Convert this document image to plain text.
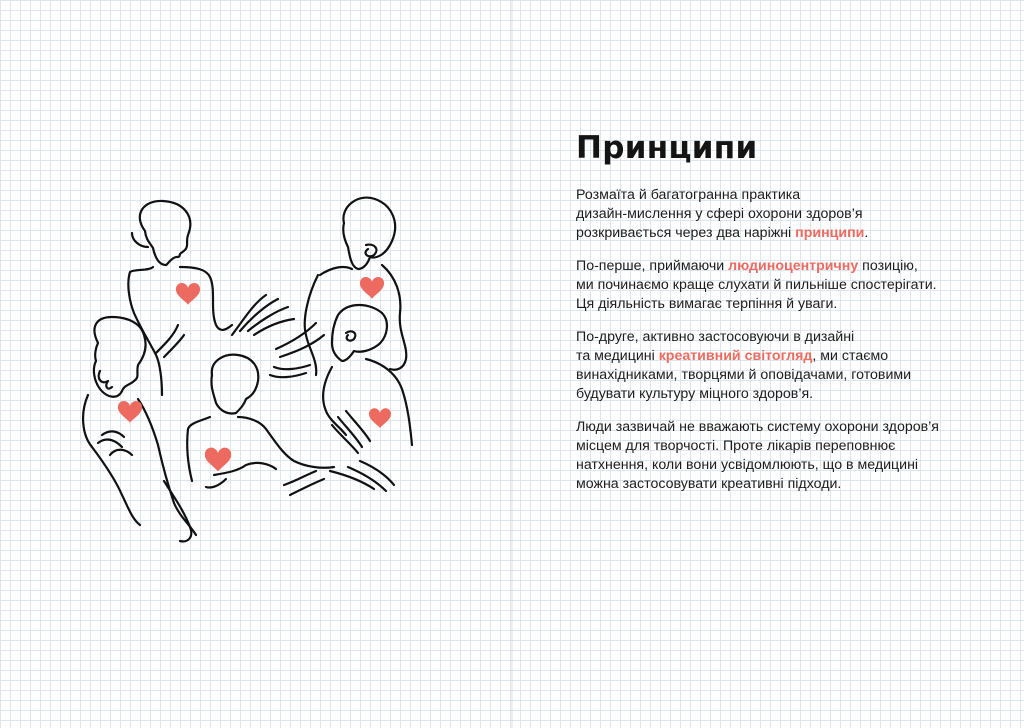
Принципи

Розмаїта й багатогранна практика
дизайн-мислення у сфері охорони здоров’я
розкривається через два наріжні принципи.

По-перше, приймаючи людиноцентричну позицію,
ми починаємо краще слухати й пильніше спостерігати.
Ця діяльність вимагає терпіння й уваги.

По-друге, активно застосовуючи в дизайні
та медицині креативний світогляд, ми стаємо
винахідниками, творцями й оповідачами, готовими
будувати культуру міцного здоров’я.

Люди зазвичай не вважають систему охорони здоров’я
місцем для творчості. Проте лікарів переповнює
натхнення, коли вони усвідомлюють, що в медицині
можна застосовувати креативні підходи.
